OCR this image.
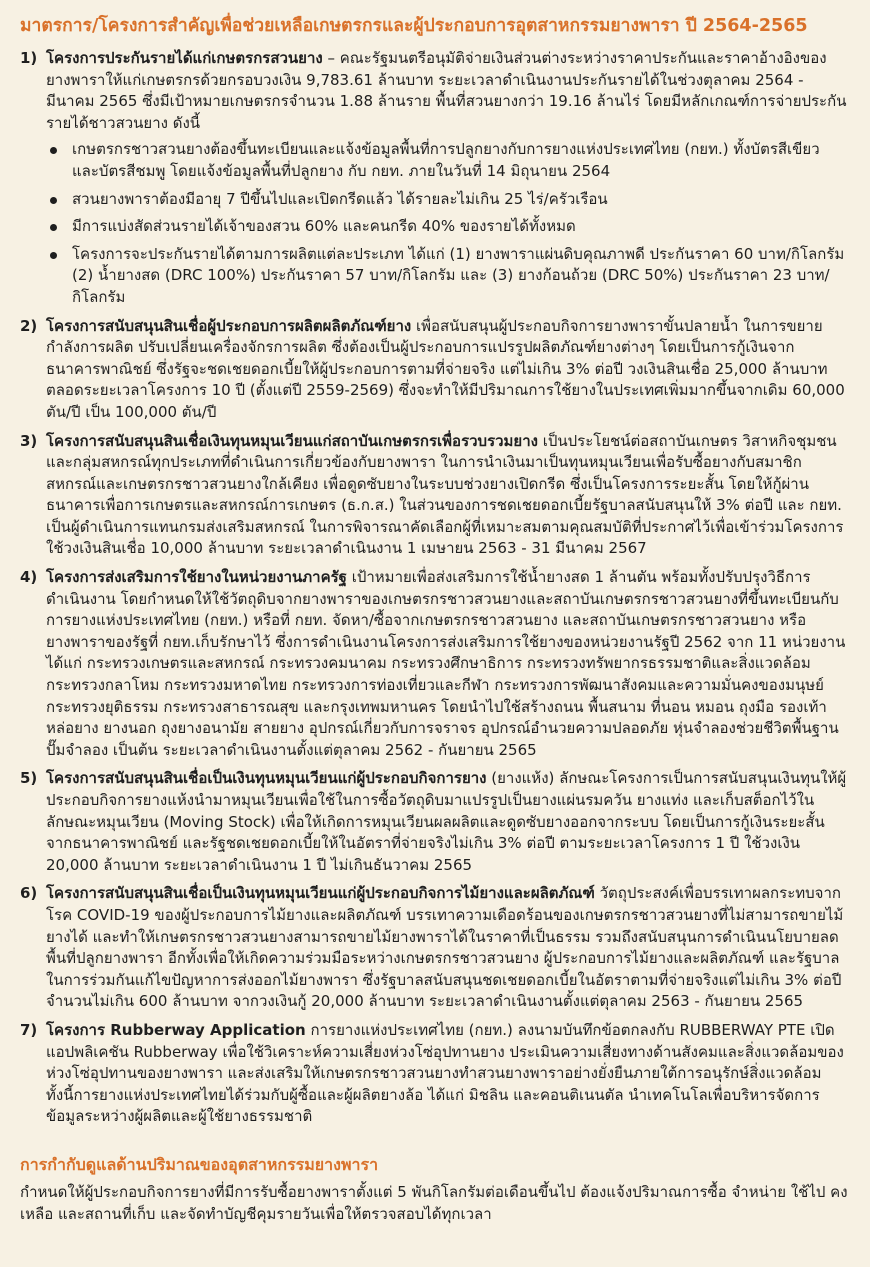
มาตรการ/โครงการสำคัญเพื่อช่วยเหลือเกษตรกรและผู้ประกอบการอุตสาหกรรมยางพารา ปี 2564-2565
1) โครงการประกันรายได้แก่เกษตรกรสวนยาง – คณะรัฐมนตรีอนุมัติจ่ายเงินส่วนต่างระหว่างราคาประกันและราคาอ้างอิงของยางพาราให้แก่เกษตรกรด้วยกรอบวงเงิน 9,783.61 ล้านบาท ระยะเวลาดำเนินงานประกันรายได้ในช่วงตุลาคม 2564 - มีนาคม 2565 ซึ่งมีเป้าหมายเกษตรกรจำนวน 1.88 ล้านราย พื้นที่สวนยางกว่า 19.16 ล้านไร่ โดยมีหลักเกณฑ์การจ่ายประกันรายได้ชาวสวนยาง ดังนี้
เกษตรกรชาวสวนยางต้องขึ้นทะเบียนและแจ้งข้อมูลพื้นที่การปลูกยางกับการยางแห่งประเทศไทย (กยท.) ทั้งบัตรสีเขียว และบัตรสีชมพู โดยแจ้งข้อมูลพื้นที่ปลูกยาง กับ กยท. ภายในวันที่ 14 มิถุนายน 2564
สวนยางพาราต้องมีอายุ 7 ปีขึ้นไปและเปิดกรีดแล้ว ได้รายละไม่เกิน 25 ไร่/ครัวเรือน
มีการแบ่งสัดส่วนรายได้เจ้าของสวน 60% และคนกรีด 40% ของรายได้ทั้งหมด
โครงการจะประกันรายได้ตามการผลิตแต่ละประเภท ได้แก่ (1) ยางพาราแผ่นดิบคุณภาพดี ประกันราคา 60 บาท/กิโลกรัม (2) น้ำยางสด (DRC 100%) ประกันราคา 57 บาท/กิโลกรัม และ (3) ยางก้อนถ้วย (DRC 50%) ประกันราคา 23 บาท/กิโลกรัม
2) โครงการสนับสนุนสินเชื่อผู้ประกอบการผลิตผลิตภัณฑ์ยาง เพื่อสนับสนุนผู้ประกอบกิจการยางพาราขั้นปลายน้ำ ในการขยายกำลังการผลิต ปรับเปลี่ยนเครื่องจักรการผลิต ซึ่งต้องเป็นผู้ประกอบการแปรรูปผลิตภัณฑ์ยางต่างๆ โดยเป็นการกู้เงินจากธนาคารพาณิชย์ ซึ่งรัฐจะชดเชยดอกเบี้ยให้ผู้ประกอบการตามที่จ่ายจริง แต่ไม่เกิน 3% ต่อปี วงเงินสินเชื่อ 25,000 ล้านบาท ตลอดระยะเวลาโครงการ 10 ปี (ตั้งแต่ปี 2559-2569) ซึ่งจะทำให้มีปริมาณการใช้ยางในประเทศเพิ่มมากขึ้นจากเดิม 60,000 ตัน/ปี เป็น 100,000 ตัน/ปี
3) โครงการสนับสนุนสินเชื่อเงินทุนหมุนเวียนแก่สถาบันเกษตรกรเพื่อรวบรวมยาง เป็นประโยชน์ต่อสถาบันเกษตร วิสาหกิจชุมชน และกลุ่มสหกรณ์ทุกประเภทที่ดำเนินการเกี่ยวข้องกับยางพารา ในการนำเงินมาเป็นทุนหมุนเวียนเพื่อรับซื้อยางกับสมาชิกสหกรณ์และเกษตรกรชาวสวนยางใกล้เคียง เพื่อดูดซับยางในระบบช่วงยางเปิดกรีด ซึ่งเป็นโครงการระยะสั้น โดยให้กู้ผ่านธนาคารเพื่อการเกษตรและสหกรณ์การเกษตร (ธ.ก.ส.) ในส่วนของการชดเชยดอกเบี้ยรัฐบาลสนับสนุนให้ 3% ต่อปี และ กยท. เป็นผู้ดำเนินการแทนกรมส่งเสริมสหกรณ์ ในการพิจารณาคัดเลือกผู้ที่เหมาะสมตามคุณสมบัติที่ประกาศไว้เพื่อเข้าร่วมโครงการ ใช้วงเงินสินเชื่อ 10,000 ล้านบาท ระยะเวลาดำเนินงาน 1 เมษายน 2563 - 31 มีนาคม 2567
4) โครงการส่งเสริมการใช้ยางในหน่วยงานภาครัฐ เป้าหมายเพื่อส่งเสริมการใช้น้ำยางสด 1 ล้านตัน พร้อมทั้งปรับปรุงวิธีการดำเนินงาน โดยกำหนดให้ใช้วัตถุดิบจากยางพาราของเกษตรกรชาวสวนยางและสถาบันเกษตรกรชาวสวนยางที่ขึ้นทะเบียนกับการยางแห่งประเทศไทย (กยท.) หรือที่ กยท. จัดหา/ซื้อจากเกษตรกรชาวสวนยาง และสถาบันเกษตรกรชาวสวนยาง หรือยางพาราของรัฐที่ กยท.เก็บรักษาไว้ ซึ่งการดำเนินงานโครงการส่งเสริมการใช้ยางของหน่วยงานรัฐปี 2562 จาก 11 หน่วยงาน ได้แก่ กระทรวงเกษตรและสหกรณ์ กระทรวงคมนาคม กระทรวงศึกษาธิการ กระทรวงทรัพยากรธรรมชาติและสิ่งแวดล้อม กระทรวงกลาโหม กระทรวงมหาดไทย กระทรวงการท่องเที่ยวและกีฬา กระทรวงการพัฒนาสังคมและความมั่นคงของมนุษย์ กระทรวงยุติธรรม กระทรวงสาธารณสุข และกรุงเทพมหานคร โดยนำไปใช้สร้างถนน พื้นสนาม ที่นอน หมอน ถุงมือ รองเท้า หล่อยาง ยางนอก ถุงยางอนามัย สายยาง อุปกรณ์เกี่ยวกับการจราจร อุปกรณ์อำนวยความปลอดภัย หุ่นจำลองช่วยชีวิตพื้นฐานปั๊มจำลอง เป็นต้น ระยะเวลาดำเนินงานตั้งแต่ตุลาคม 2562 - กันยายน 2565
5) โครงการสนับสนุนสินเชื่อเป็นเงินทุนหมุนเวียนแก่ผู้ประกอบกิจการยาง (ยางแห้ง) ลักษณะโครงการเป็นการสนับสนุนเงินทุนให้ผู้ประกอบกิจการยางแห้งนำมาหมุนเวียนเพื่อใช้ในการซื้อวัตถุดิบมาแปรรูปเป็นยางแผ่นรมควัน ยางแท่ง และเก็บสต็อกไว้ในลักษณะหมุนเวียน (Moving Stock) เพื่อให้เกิดการหมุนเวียนผลผลิตและดูดซับยางออกจากระบบ โดยเป็นการกู้เงินระยะสั้นจากธนาคารพาณิชย์ และรัฐชดเชยดอกเบี้ยให้ในอัตราที่จ่ายจริงไม่เกิน 3% ต่อปี ตามระยะเวลาโครงการ 1 ปี ใช้วงเงิน 20,000 ล้านบาท ระยะเวลาดำเนินงาน 1 ปี ไม่เกินธันวาคม 2565
6) โครงการสนับสนุนสินเชื่อเป็นเงินทุนหมุนเวียนแก่ผู้ประกอบกิจการไม้ยางและผลิตภัณฑ์ วัตถุประสงค์เพื่อบรรเทาผลกระทบจากโรค COVID-19 ของผู้ประกอบการไม้ยางและผลิตภัณฑ์ บรรเทาความเดือดร้อนของเกษตรกรชาวสวนยางที่ไม่สามารถขายไม้ยางได้ และทำให้เกษตรกรชาวสวนยางสามารถขายไม้ยางพาราได้ในราคาที่เป็นธรรม รวมถึงสนับสนุนการดำเนินนโยบายลดพื้นที่ปลูกยางพารา อีกทั้งเพื่อให้เกิดความร่วมมือระหว่างเกษตรกรชาวสวนยาง ผู้ประกอบการไม้ยางและผลิตภัณฑ์ และรัฐบาล ในการร่วมกันแก้ไขปัญหาการส่งออกไม้ยางพารา ซึ่งรัฐบาลสนับสนุนชดเชยดอกเบี้ยในอัตราตามที่จ่ายจริงแต่ไม่เกิน 3% ต่อปี จำนวนไม่เกิน 600 ล้านบาท จากวงเงินกู้ 20,000 ล้านบาท ระยะเวลาดำเนินงานตั้งแต่ตุลาคม 2563 - กันยายน 2565
7) โครงการ Rubberway Application การยางแห่งประเทศไทย (กยท.) ลงนามบันทึกข้อตกลงกับ RUBBERWAY PTE เปิดแอปพลิเคชัน Rubberway เพื่อใช้วิเคราะห์ความเสี่ยงห่วงโซ่อุปทานยาง ประเมินความเสี่ยงทางด้านสังคมและสิ่งแวดล้อมของห่วงโซ่อุปทานของยางพารา และส่งเสริมให้เกษตรกรชาวสวนยางทำสวนยางพาราอย่างยั่งยืนภายใต้การอนุรักษ์สิ่งแวดล้อม ทั้งนี้การยางแห่งประเทศไทยได้ร่วมกับผู้ซื้อและผู้ผลิตยางล้อ ได้แก่ มิชลิน และคอนติเนนตัล นำเทคโนโลเพื่อบริหารจัดการข้อมูลระหว่างผู้ผลิตและผู้ใช้ยางธรรมชาติ
การกำกับดูแลด้านปริมาณของอุตสาหกรรมยางพารา

กำหนดให้ผู้ประกอบกิจการยางที่มีการรับซื้อยางพาราตั้งแต่ 5 พันกิโลกรัมต่อเดือนขึ้นไป ต้องแจ้งปริมาณการซื้อ จำหน่าย ใช้ไป คงเหลือ และสถานที่เก็บ และจัดทำบัญชีคุมรายวันเพื่อให้ตรวจสอบได้ทุกเวลา
